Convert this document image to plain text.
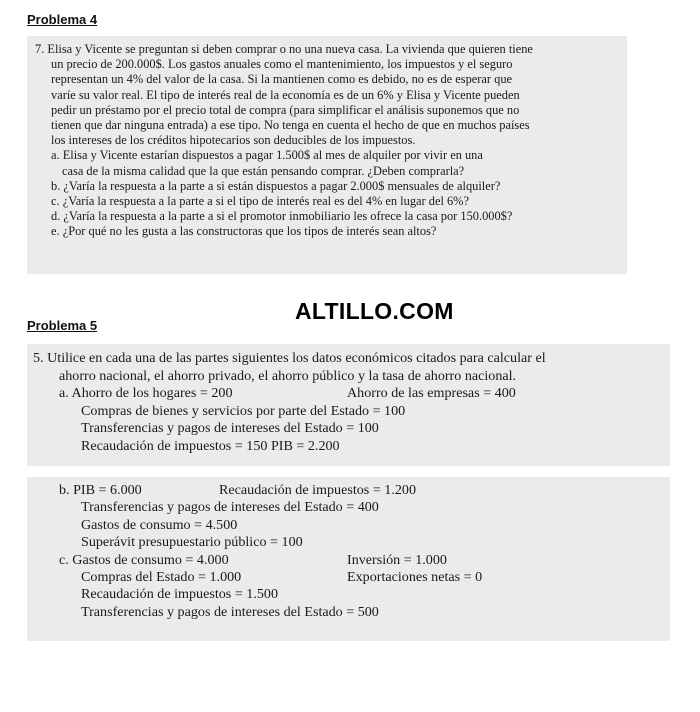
Problema 4
7. Elisa y Vicente se preguntan si deben comprar o no una nueva casa. La vivienda que quieren tiene
un precio de 200.000$. Los gastos anuales como el mantenimiento, los impuestos y el seguro
representan un 4% del valor de la casa. Si la mantienen como es debido, no es de esperar que
varíe su valor real. El tipo de interés real de la economía es de un 6% y Elisa y Vicente pueden
pedir un préstamo por el precio total de compra (para simplificar el análisis suponemos que no
tienen que dar ninguna entrada) a ese tipo. No tenga en cuenta el hecho de que en muchos países
los intereses de los créditos hipotecarios son deducibles de los impuestos.
a. Elisa y Vicente estarían dispuestos a pagar 1.500$ al mes de alquiler por vivir en una
casa de la misma calidad que la que están pensando comprar. ¿Deben comprarla?
b. ¿Varía la respuesta a la parte a si están dispuestos a pagar 2.000$ mensuales de alquiler?
c. ¿Varía la respuesta a la parte a si el tipo de interés real es del 4% en lugar del 6%?
d. ¿Varía la respuesta a la parte a si el promotor inmobiliario les ofrece la casa por 150.000$?
e. ¿Por qué no les gusta a las constructoras que los tipos de interés sean altos?
Problema 5
ALTILLO.COM
5. Utilice en cada una de las partes siguientes los datos económicos citados para calcular el
ahorro nacional, el ahorro privado, el ahorro público y la tasa de ahorro nacional.
a. Ahorro de los hogares = 200	Ahorro de las empresas = 400
Compras de bienes y servicios por parte del Estado = 100
Transferencias y pagos de intereses del Estado = 100
Recaudación de impuestos = 150 PIB = 2.200
b. PIB = 6.000	Recaudación de impuestos = 1.200
Transferencias y pagos de intereses del Estado = 400
Gastos de consumo = 4.500
Superávit presupuestario público = 100
c. Gastos de consumo = 4.000	Inversión = 1.000
Compras del Estado = 1.000	Exportaciones netas = 0
Recaudación de impuestos = 1.500
Transferencias y pagos de intereses del Estado = 500
